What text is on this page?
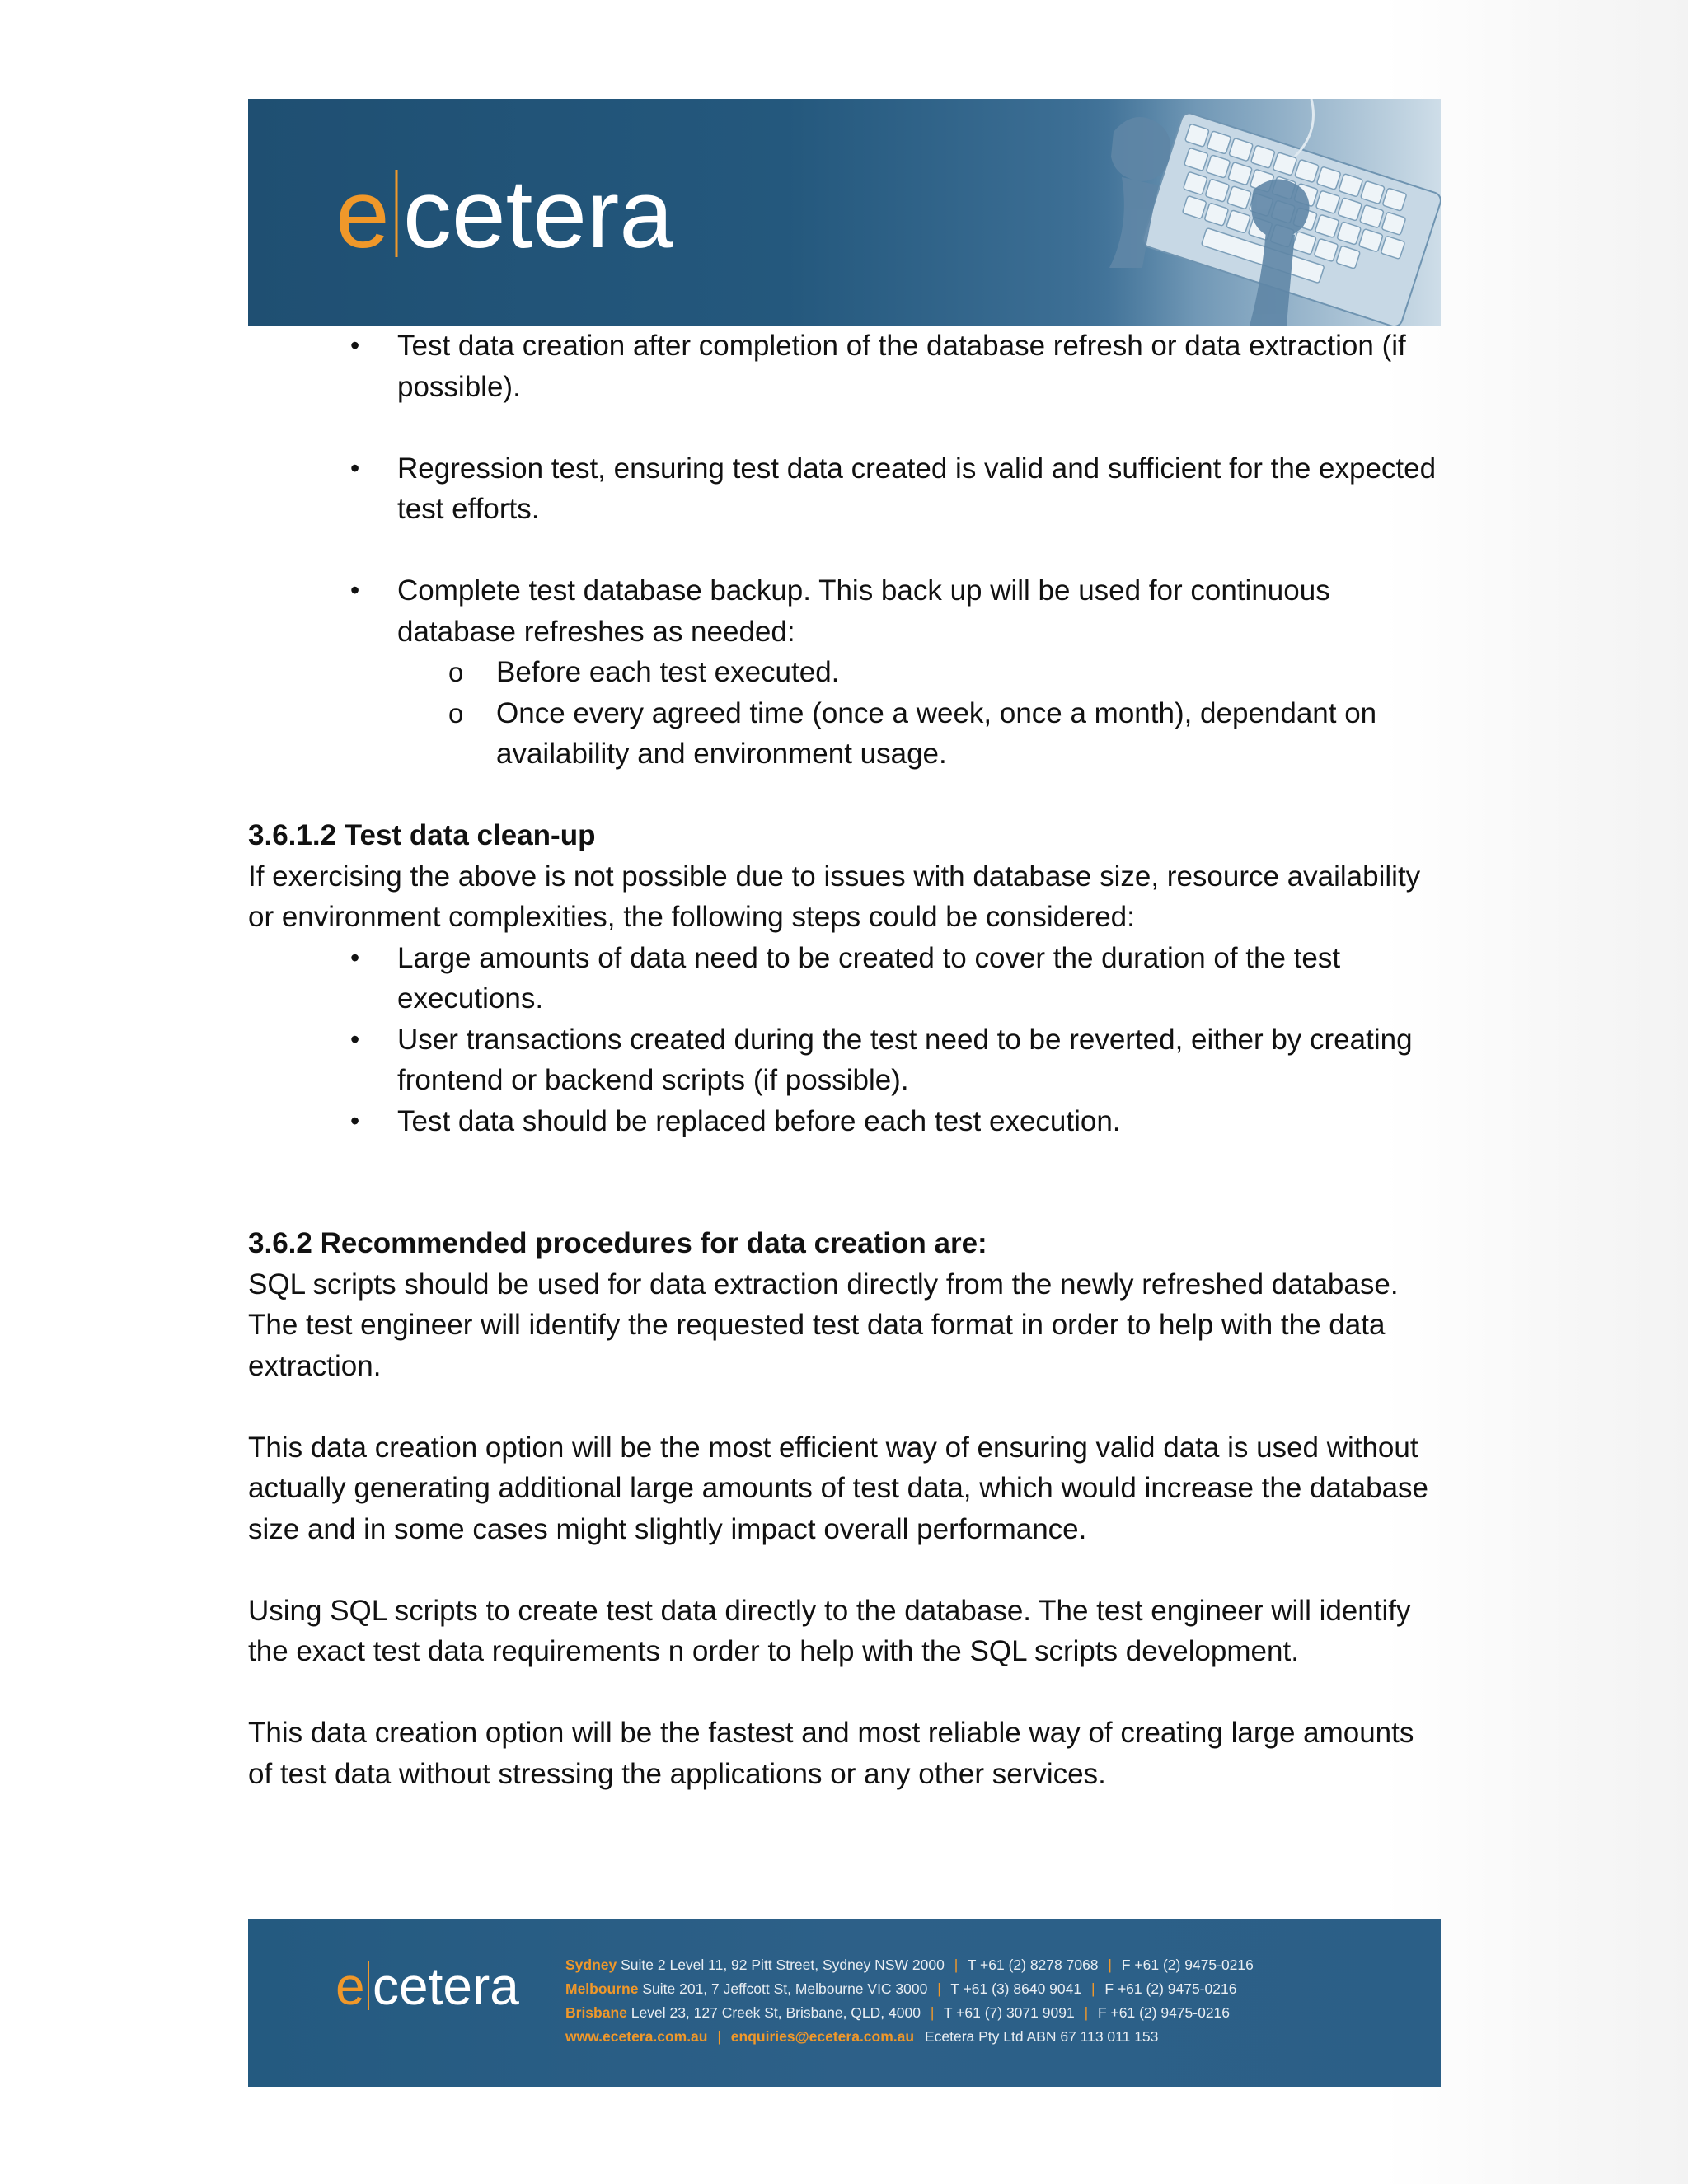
e cetera
• Test data creation after completion of the database refresh or data extraction (if possible).

• Regression test, ensuring test data created is valid and sufficient for the expected test efforts.

• Complete test database backup. This back up will be used for continuous database refreshes as needed:

o Before each test executed.

o Once every agreed time (once a week, once a month), dependant on availability and environment usage.

3.6.1.2 Test data clean-up

If exercising the above is not possible due to issues with database size, resource availability or environment complexities, the following steps could be considered:

• Large amounts of data need to be created to cover the duration of the test executions.

• User transactions created during the test need to be reverted, either by creating frontend or backend scripts (if possible).

• Test data should be replaced before each test execution.

3.6.2 Recommended procedures for data creation are:

SQL scripts should be used for data extraction directly from the newly refreshed database. The test engineer will identify the requested test data format in order to help with the data extraction.

This data creation option will be the most efficient way of ensuring valid data is used without actually generating additional large amounts of test data, which would increase the database size and in some cases might slightly impact overall performance.

Using SQL scripts to create test data directly to the database. The test engineer will identify the exact test data requirements n order to help with the SQL scripts development.

This data creation option will be the fastest and most reliable way of creating large amounts of test data without stressing the applications or any other services.

e cetera	Sydney Suite 2 Level 11, 92 Pitt Street, Sydney NSW 2000 | T +61 (2) 8278 7068 | F +61 (2) 9475-0216
Melbourne Suite 201, 7 Jeffcott St, Melbourne VIC 3000 | T +61 (3) 8640 9041 | F +61 (2) 9475-0216
Brisbane Level 23, 127 Creek St, Brisbane, QLD, 4000 | T +61 (7) 3071 9091 | F +61 (2) 9475-0216
www.ecetera.com.au | enquiries@ecetera.com.au Ecetera Pty Ltd ABN 67 113 011 153
